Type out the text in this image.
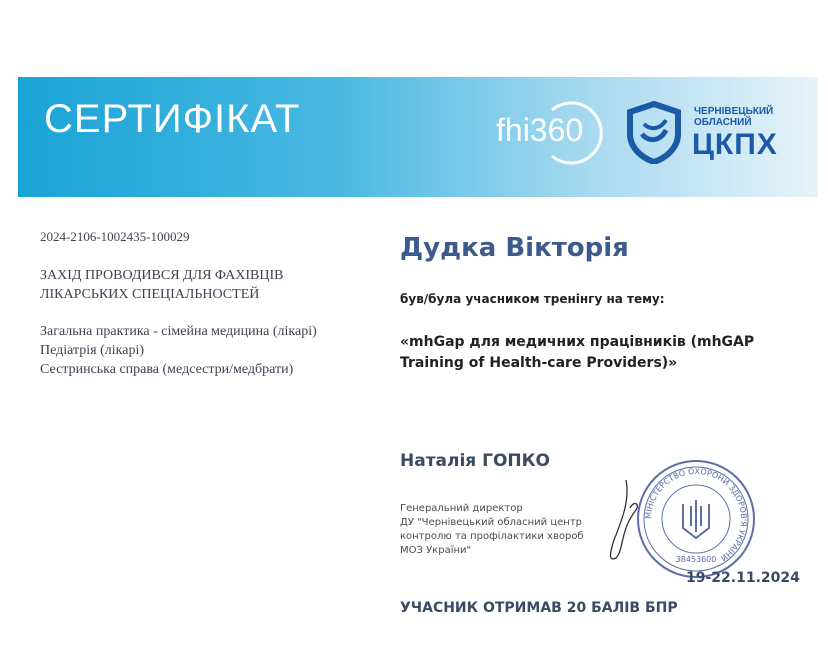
СЕРТИФІКАТ	fhi360
ЧЕРНІВЕЦЬКИЙ
ОБЛАСНИЙ
ЦКПХ
2024-2106-1002435-100029
ЗАХІД ПРОВОДИВСЯ ДЛЯ ФАХІВЦІВ
ЛІКАРСЬКИХ СПЕЦІАЛЬНОСТЕЙ
Загальна практика - сімейна медицина (лікарі)
Педіатрія (лікарі)
Сестринська справа (медсестри/медбрати)
Дудка Вікторія
був/була учасником тренінгу на тему:
«mhGap для медичних працівників (mhGAP
Training of Health-care Providers)»
Наталія ГОПКО
Генеральний директор
ДУ "Чернівецький обласний центр
контролю та профілактики хвороб
МОЗ України"
МІНІСТЕРСТВО ОХОРОНИ ЗДОРОВ'Я УКРАЇНИ
38453600
19-22.11.2024
УЧАСНИК ОТРИМАВ 20 БАЛІВ БПР
